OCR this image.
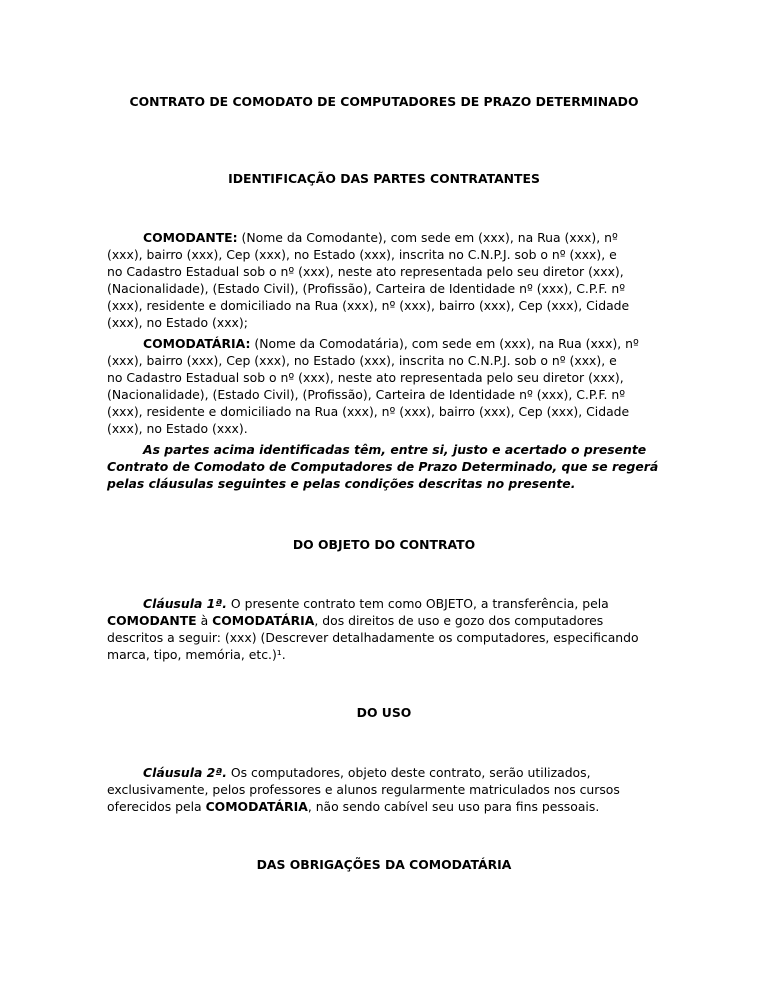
CONTRATO DE COMODATO DE COMPUTADORES DE PRAZO DETERMINADO
IDENTIFICAÇÃO DAS PARTES CONTRATANTES
COMODANTE: (Nome da Comodante), com sede em (xxx), na Rua (xxx), nº
(xxx), bairro (xxx), Cep (xxx), no Estado (xxx), inscrita no C.N.P.J. sob o nº (xxx), e
no Cadastro Estadual sob o nº (xxx), neste ato representada pelo seu diretor (xxx),
(Nacionalidade), (Estado Civil), (Profissão), Carteira de Identidade nº (xxx), C.P.F. nº
(xxx), residente e domiciliado na Rua (xxx), nº (xxx), bairro (xxx), Cep (xxx), Cidade
(xxx), no Estado (xxx);
COMODATÁRIA: (Nome da Comodatária), com sede em (xxx), na Rua (xxx), nº
(xxx), bairro (xxx), Cep (xxx), no Estado (xxx), inscrita no C.N.P.J. sob o nº (xxx), e
no Cadastro Estadual sob o nº (xxx), neste ato representada pelo seu diretor (xxx),
(Nacionalidade), (Estado Civil), (Profissão), Carteira de Identidade nº (xxx), C.P.F. nº
(xxx), residente e domiciliado na Rua (xxx), nº (xxx), bairro (xxx), Cep (xxx), Cidade
(xxx), no Estado (xxx).
As partes acima identificadas têm, entre si, justo e acertado o presente
Contrato de Comodato de Computadores de Prazo Determinado, que se regerá
pelas cláusulas seguintes e pelas condições descritas no presente.
DO OBJETO DO CONTRATO
Cláusula 1ª. O presente contrato tem como OBJETO, a transferência, pela
COMODANTE à COMODATÁRIA, dos direitos de uso e gozo dos computadores
descritos a seguir: (xxx) (Descrever detalhadamente os computadores, especificando
marca, tipo, memória, etc.)¹.
DO USO
Cláusula 2ª. Os computadores, objeto deste contrato, serão utilizados,
exclusivamente, pelos professores e alunos regularmente matriculados nos cursos
oferecidos pela COMODATÁRIA, não sendo cabível seu uso para fins pessoais.
DAS OBRIGAÇÕES DA COMODATÁRIA
